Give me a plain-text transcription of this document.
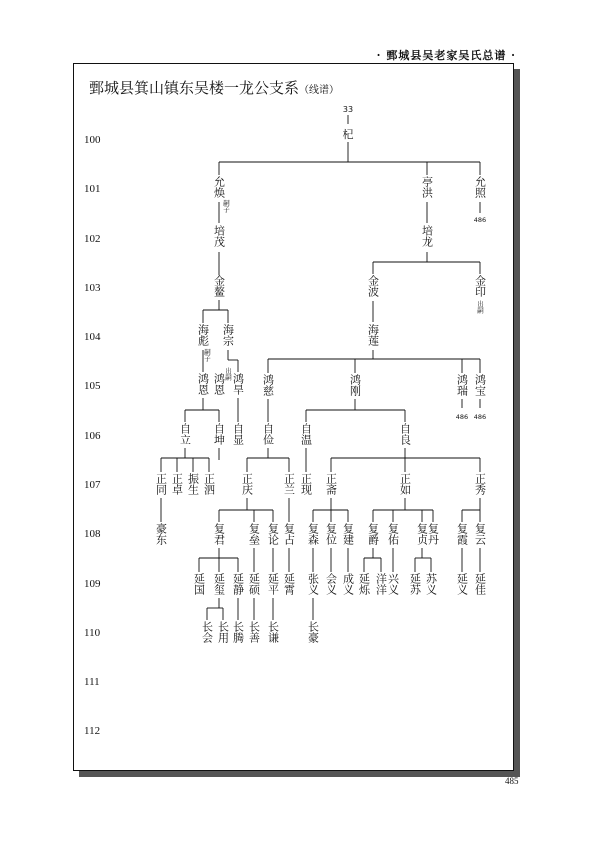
· 鄄城县吴老家吴氏总谱 ·
鄄城县箕山镇东吴楼一龙公支系（线谱）
100
101
102
103
104
105
106
107
108
109
110
111
112
33
杞
允焕	亭洪	允照
培茂	培龙
金鳌	金波	金印
海彪 海宗	海莲
鸿恩 鸿恩 鸿旱 鸿慈	鸿刚	鸿瑞 鸿宝
自立 自坤 自显 自俭 自温	自良
正同 正卓 振生 正泗 正庆	正兰 正现 正斋	正如	正秀
豪东	复君 复垒 复论 复占 复森 复位 复建 复爵 复佑 复贞
复丹 复霞 复云
延国 延玺 延静 延硕 延平 延霄 张义 会义 成义 延烁 洋洋 兴义 延苏 苏义 延义 延佳
长会 长用 长腾 长善 长谦 长豪
嗣子
486
出嗣
嗣子
出嗣
486 486
485
